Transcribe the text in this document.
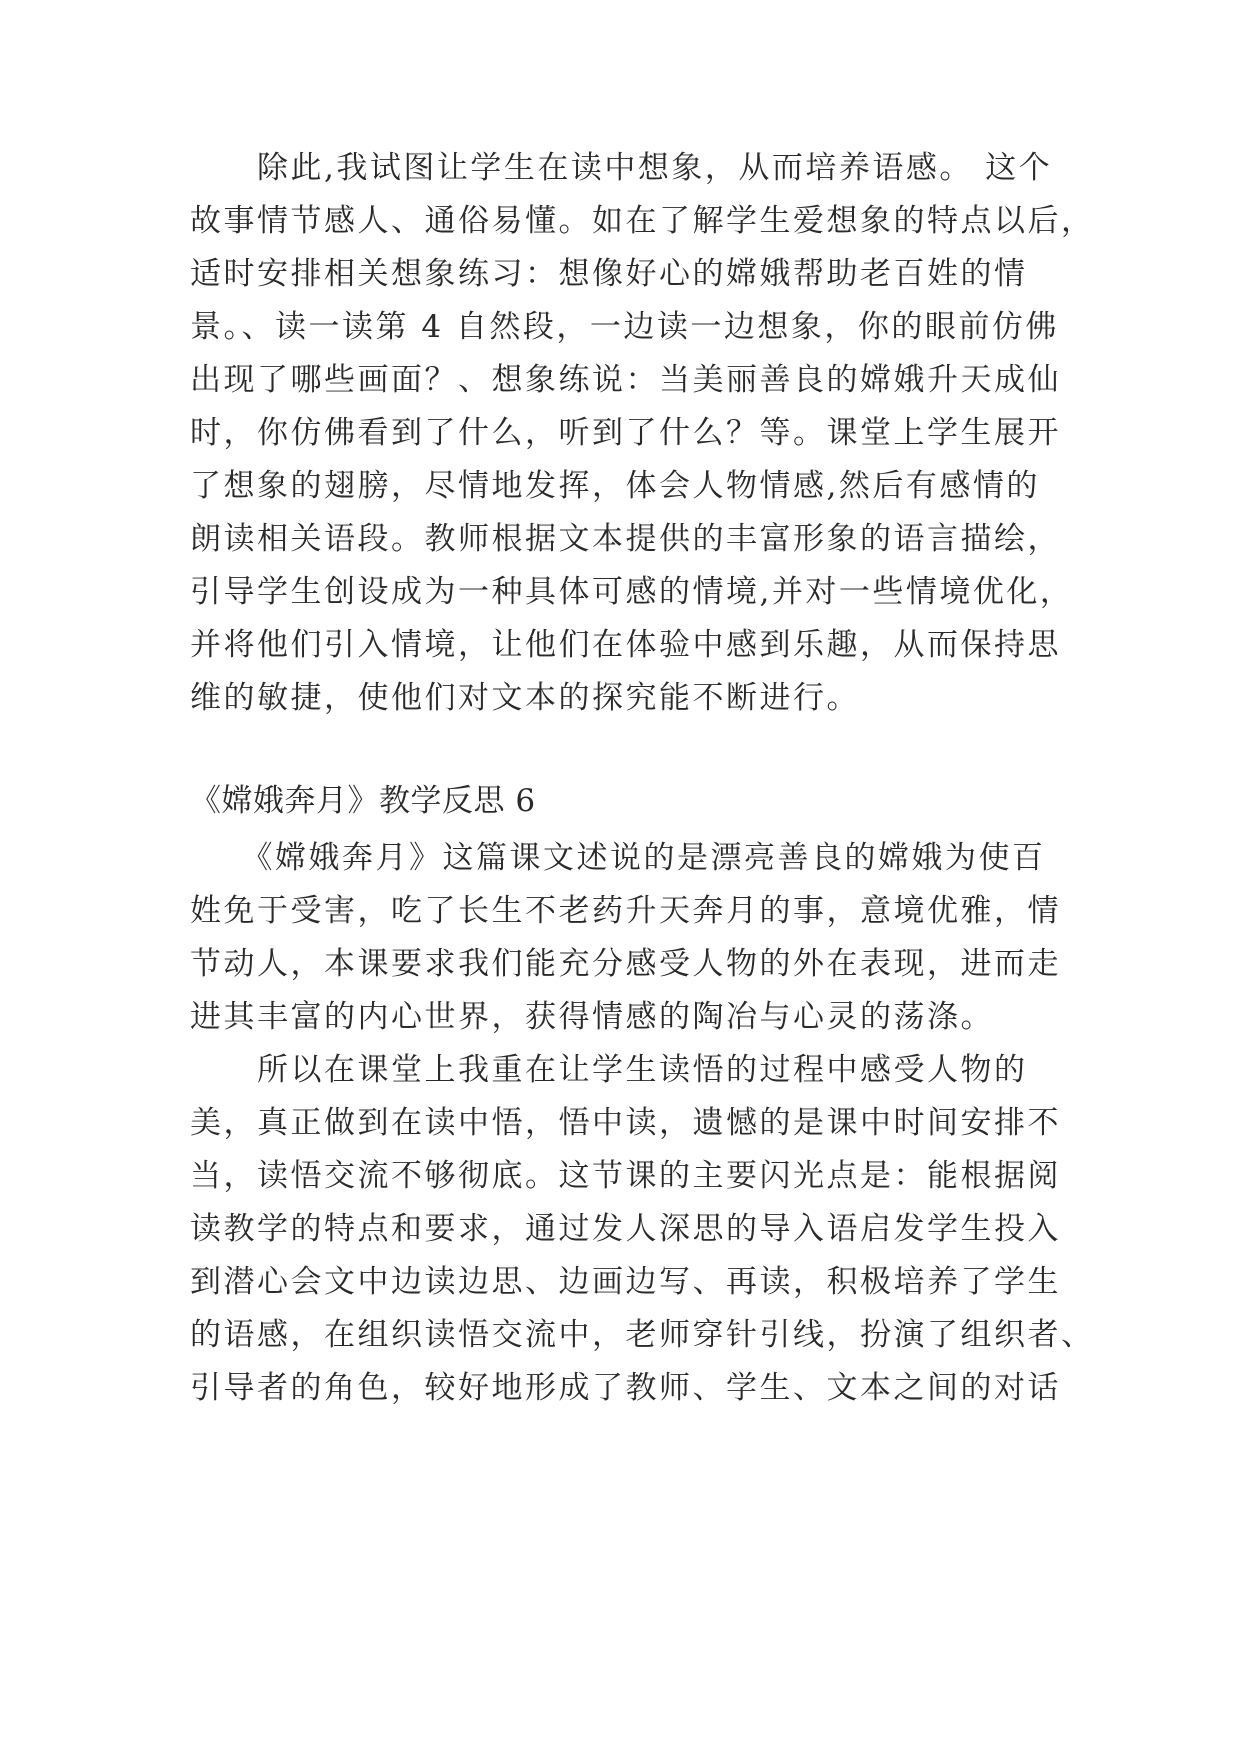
　　除此,我试图让学生在读中想象，从而培养语感。 这个
故事情节感人、通俗易懂。如在了解学生爱想象的特点以后，
适时安排相关想象练习：想像好心的嫦娥帮助老百姓的情
景。、读一读第 4 自然段，一边读一边想象，你的眼前仿佛
出现了哪些画面？、想象练说：当美丽善良的嫦娥升天成仙
时，你仿佛看到了什么，听到了什么？等。课堂上学生展开
了想象的翅膀，尽情地发挥，体会人物情感,然后有感情的
朗读相关语段。教师根据文本提供的丰富形象的语言描绘，
引导学生创设成为一种具体可感的情境,并对一些情境优化，
并将他们引入情境，让他们在体验中感到乐趣，从而保持思
维的敏捷，使他们对文本的探究能不断进行。
《嫦娥奔月》教学反思 6
　　《嫦娥奔月》这篇课文述说的是漂亮善良的嫦娥为使百
姓免于受害，吃了长生不老药升天奔月的事，意境优雅，情
节动人，本课要求我们能充分感受人物的外在表现，进而走
进其丰富的内心世界，获得情感的陶冶与心灵的荡涤。
　　所以在课堂上我重在让学生读悟的过程中感受人物的
美，真正做到在读中悟，悟中读，遗憾的是课中时间安排不
当，读悟交流不够彻底。这节课的主要闪光点是：能根据阅
读教学的特点和要求，通过发人深思的导入语启发学生投入
到潜心会文中边读边思、边画边写、再读，积极培养了学生
的语感，在组织读悟交流中，老师穿针引线，扮演了组织者、
引导者的角色，较好地形成了教师、学生、文本之间的对话
